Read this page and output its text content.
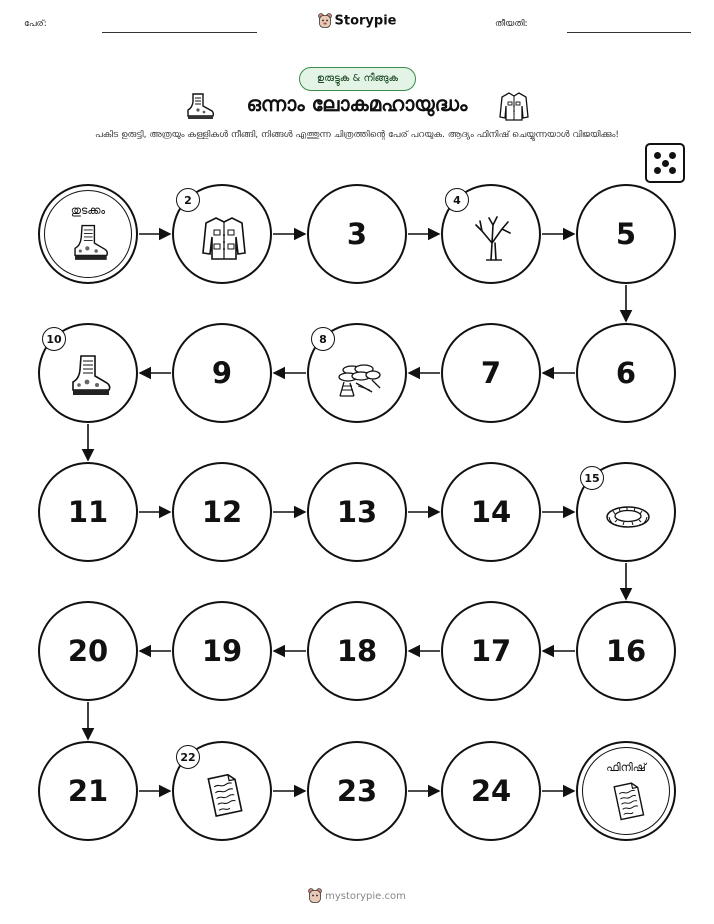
പേര്:	തീയതി:
Storypie
ഉരുട്ടുക & നീങ്ങുക
ഒന്നാം ലോകമഹായുദ്ധം
പകിട ഉരുട്ടി, അത്രയും കള്ളികൾ നീങ്ങി, നിങ്ങൾ എത്തുന്ന ചിത്രത്തിന്റെ പേര് പറയുക. ആദ്യം ഫിനിഷ് ചെയ്യുന്നയാൾ വിജയിക്കും!
തുടക്കം
2
3
4
5
6
7
8
9
10
11	12	13	14
15
16
17
18
19
20
21
22
23	24
ഫിനിഷ്
mystorypie.com
